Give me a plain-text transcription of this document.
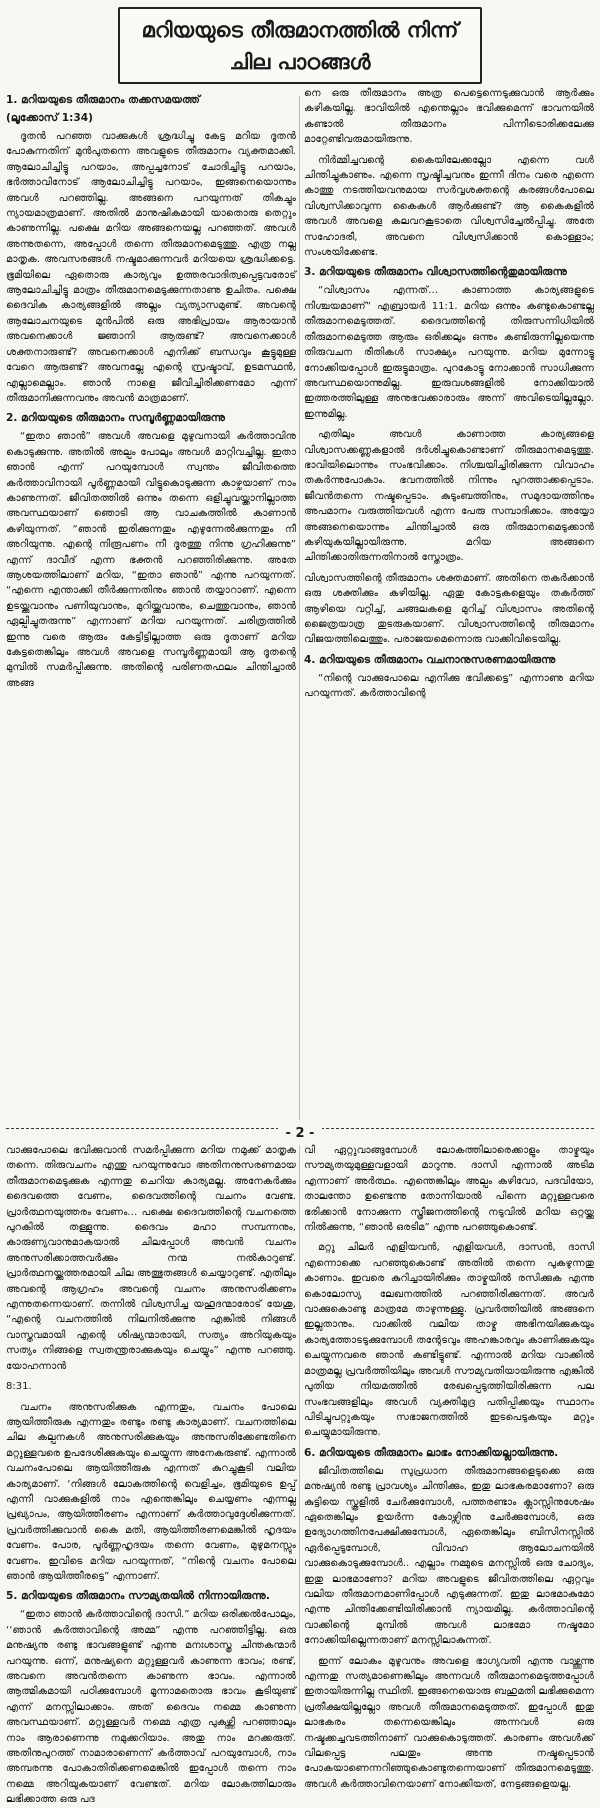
മറിയയുടെ തീരുമാനത്തിൽ നിന്ന്
ചില പാഠങ്ങൾ
1. മറിയയുടെ തീരുമാനം തക്കസമയത്ത്
(ലൂക്കോസ് 1:34)

ദൂതൻ പറഞ്ഞ വാക്കുകൾ ശ്രദ്ധിച്ചു കേട്ട മറിയ ദൂതൻ പോകുന്നതിന് മുൻപുതന്നെ അവളുടെ തീരുമാനം വ്യക്തമാക്കി. ആലോചിച്ചിട്ടു പറയാം, അപ്പച്ചനോട് ചോദിച്ചിട്ടു പറയാം, ഭർത്താവിനോട് ആലോചിച്ചിട്ടു പറയാം, ഇങ്ങനെയൊന്നും അവൾ പറഞ്ഞില്ല. അങ്ങനെ പറയുന്നത് തികച്ചും ന്യായമാത്രമാണ്. അതിൽ മാനുഷികമായി യാതൊരു തെറ്റും കാണുന്നില്ല. പക്ഷെ മറിയ അങ്ങനെയല്ല പറഞ്ഞത്. അവൾ അന്നുതന്നെ, അപ്പോൾ തന്നെ തീരുമാനമെടുത്തു. എത്ര നല്ല മാതൃക. അവസരങ്ങൾ നഷ്ടമാക്കുന്നവർ മറിയയെ ശ്രദ്ധിക്കട്ടെ. ഭൂമിയിലെ ഏതൊരു കാര്യവും ഉത്തരവാദിത്വപ്പെട്ടവരോട് ആലോചിച്ചിട്ടു മാത്രം തീരുമാനമെടുക്കുന്നതാണു ഉചിതം. പക്ഷെ ദൈവിക കാര്യങ്ങളിൽ അല്ലം വ്യത്യാസമുണ്ട്. അവന്റെ ആലോചനയുടെ മുൻപിൽ ഒരു അഭിപ്രായം ആരായാൻ അവനെക്കാൾ ജ്ഞാനി ആരുണ്ട്? അവനെക്കാൾ ശക്തനാരുണ്ട്? അവനെക്കാൾ എനിക്ക് ബന്ധവും കൂട്ടുമുള്ള വേറെ ആരുണ്ട്? അവനല്ലേ എന്റെ സ്രഷ്ടാവ്, ഉടമസ്ഥൻ, എല്ലാമെല്ലാം. ഞാൻ നാളെ ജീവിച്ചിരിക്കണമോ എന്ന് തീരുമാനിക്കുന്നവനും അവൻ മാത്രമാണ്.

2. മറിയയുടെ തീരുമാനം സമ്പൂർണ്ണമായിരുന്നു

“ഇതാ ഞാൻ” അവൾ അവളെ മുഴുവനായി കർത്താവിനു കൊടുക്കുന്നു. അതിൽ അല്പം പോലും അവൾ മാറ്റിവച്ചില്ല. ഇതാ ഞാൻ എന്ന് പറയുമ്പോൾ സ്വന്തം ജീവിതത്തെ കർത്താവിനായി പൂർണ്ണമായി വിട്ടുകൊടുക്കുന്ന കാഴ്ചയാണ് നാം കാണുന്നത്. ജീവിതത്തിൽ ഒന്നും തന്നെ ഒളിച്ചുവയ്ക്കാനില്ലാത്ത അവസ്ഥയാണ് ഞൊടി ആ വാചകത്തിൽ കാണാൻ കഴിയുന്നത്. “ഞാൻ ഇരിക്കുന്നതും എഴുന്നേൽക്കുന്നതും നീ അറിയുന്നു. എന്റെ നിരൂപണം നീ ദൂരത്തു നിന്നു ഗ്രഹിക്കുന്നു” എന്ന് ദാവീദ് എന്ന ഭക്തൻ പറഞ്ഞിരിക്കുന്നു. അതേ ആശയത്തിലാണ് മറിയ, “ഇതാ ഞാൻ” എന്നു പറയുന്നത്. “എന്നെ എന്താക്കി തീർക്കുന്നതിനും ഞാൻ തയ്യാറാണ്. എന്നെ ഉടയ്ക്കുവാനും പണിയുവാനും, മുറിയ്ക്കുവാനും, ചെത്തുവാനും, ഞാൻ ഏല്പിച്ചുതരുന്നു” എന്നാണ് മറിയ പറയുന്നത്. ചരിത്രത്തിൽ ഇന്നു വരെ ആരും കേട്ടിട്ടില്ലാത്ത ഒരു ദൂതാണ് മറിയ കേട്ടതെങ്കിലും അവൾ അവളെ സമ്പൂർണ്ണമായി ആ ദൂതന്റെ മുമ്പിൽ സമർപ്പിക്കുന്നു. അതിന്റെ പരിണതഫലം ചിന്തിച്ചാൽ അങ്ങ

നെ ഒരു തീരുമാനം അത്ര പെട്ടെന്നെടുക്കുവാൻ ആർക്കും കഴികയില്ല. ഭാവിയിൽ എന്തെല്ലാം ഭവിക്കുമെന്ന് ഭാവനയിൽ കണ്ടാൽ തീരുമാനം പിന്നീടൊരിക്കലേക്കു മാറ്റേണ്ടിവരുമായിരുന്നു.

നിർമ്മിച്ചവന്റെ കൈയിലേക്കല്ലോ എന്നെ വൾ ചിന്തിച്ചുകാണും. എന്നെ സൃഷ്ടിച്ചവനും ഇന്നീ ദിനം വരെ എന്നെ കാത്തു നടത്തിയവനുമായ സർവ്വശക്തന്റെ കരങ്ങൾപോലെ വിശ്വസിക്കാവുന്ന കൈകൾ ആർക്കുണ്ട്? ആ കൈകളിൽ അവൾ അവളെ കലവറകൂടാതെ വിശ്വസിച്ചേൽപ്പിച്ചു. അതേ സഹോദരീ, അവനെ വിശ്വസിക്കാൻ കൊള്ളാം; സംശയിക്കേണ്ട.

3. മറിയയുടെ തീരുമാനം വിശ്വാസത്തിന്റെതുമായിരുന്നു

“വിശ്വാസം എന്നത്… കാണാത്ത കാര്യങ്ങളുടെ നിശ്ചയമാണ്” എബ്രായർ 11:1. മറിയ ഒന്നും കണ്ടുകൊണ്ടല്ല തീരുമാനമെടുത്തത്. ദൈവത്തിന്റെ തിരുസന്നിധിയിൽ തീരുമാനമെടുത്ത ആരും ഒരിക്കലും ഒന്നും കണ്ടിരുന്നില്ലയെന്നു തിരുവചന രീതികൾ സാക്ഷ്യം പറയുന്നു. മറിയ മുന്നോട്ടു നോക്കിയപ്പോൾ ഇരുട്ടുമാത്രം. പുറകോട്ടു നോക്കാൻ സാധിക്കുന്ന അവസ്ഥയൊന്നുമില്ല. ഇരുവശങ്ങളിൽ നോക്കിയാൽ ഇത്തരത്തിലുള്ള അനുഭവക്കാരാരും അന്ന് അവിടെയില്ലല്ലോ. ഇന്നുമില്ല.

എതിലും അവൾ കാണാത്ത കാര്യങ്ങളെ വിശ്വാസക്കണ്ണുകളാൽ ദർശിച്ചുകൊണ്ടാണ് തീരുമാനമെടുത്തു. ഭാവിയിലൊന്നും സംഭവിക്കാം. നിശ്ചയിച്ചിരിക്കുന്ന വിവാഹം തകർന്നുപോകാം. ഭവനത്തിൽ നിന്നും പുറത്താക്കപ്പെടാം. ജീവൻതന്നെ നഷ്ടപ്പെടാം. കുടുംബത്തിനും, സമുദായത്തിനും അപമാനം വരുത്തിയവൾ എന്ന പേരു സമ്പാദിക്കാം. അയ്യോ അങ്ങനെയൊന്നും ചിന്തിച്ചാൽ ഒരു തീരുമാനമെടുക്കാൻ കഴിയുകയില്ലായിരുന്നു. മറിയ അങ്ങനെ ചിന്തിക്കാതിരുന്നതിനാൽ സ്തോത്രം.

വിശ്വാസത്തിന്റെ തീരുമാനം ശക്തമാണ്. അതിനെ തകർക്കാൻ ഒരു ശക്തിക്കും കഴിയില്ല. ഏതു കോട്ടകളെയും തകർത്ത് ആഴിയെ വറ്റിച്ച്, ചങ്ങലകളെ മുറിച്ച് വിശ്വാസം അതിന്റെ ജൈത്രയാത്ര തുടരുകയാണ്. വിശ്വാസത്തിന്റെ തീരുമാനം വിജയത്തിലെത്തും. പരാജയമെന്നൊരു വാക്കിവിടെയില്ല.

4. മറിയയുടെ തീരുമാനം വചനാനുസരണമായിരുന്നു

“നിന്റെ വാക്കുപോലെ എനിക്കു ഭവിക്കട്ടെ” എന്നാണു മറിയ പറയുന്നത്. കർത്താവിന്റെ

- 2 -

വാക്കുപോലെ ഭവിക്കുവാൻ സമർപ്പിക്കുന്ന മറിയ നമുക്ക് മാതൃക തന്നെ. തിരുവചനം എന്തു പറയുന്നുവോ അതിനനുസരണമായ തീരുമാനമെടുക്കുക എന്നതു ചെറിയ കാര്യമല്ല. അനേകർക്കും ദൈവത്തെ വേണം, ദൈവത്തിന്റെ വചനം വേണ്ട. പ്രാർത്ഥനയുത്തരം വേണം… പക്ഷെ ദൈവത്തിന്റെ വചനത്തെ പുറകിൽ തള്ളുന്നു. ദൈവം മഹാ സമ്പന്നനും, കാരുണ്യവാനുമാകയാൽ ചിലപ്പോൾ അവൻ വചനം അനുസരിക്കാത്തവർക്കും നന്മ നൽകാറുണ്ട്. പ്രാർത്ഥനയ്ക്കുത്തരമായി ചില അത്ഭുതങ്ങൾ ചെയ്യാറുണ്ട്. എതിലും അവന്റെ ആഗ്രഹം അവന്റെ വചനം അനുസരിക്കണം എന്നുതന്നെയാണ്. തന്നിൽ വിശ്വസിച്ച യഹൂദന്മാരോട് യേശു, “എന്റെ വചനത്തിൽ നിലനിൽക്കുന്നു എങ്കിൽ നിങ്ങൾ വാസ്തവമായി എന്റെ ശിഷ്യന്മാരായി, സത്യം അറിയുകയും സത്യം നിങ്ങളെ സ്വതന്ത്രരാക്കുകയും ചെയ്യും” എന്നു പറഞ്ഞു. യോഹന്നാൻ

8:31.

വചനം അനുസരിക്കുക എന്നതും, വചനം പോലെ ആയിത്തീരുക എന്നതും രണ്ടും രണ്ടു കാര്യമാണ്. വചനത്തിലെ ചില കല്പനകൾ അനുസരിക്കുകയും അനുസരിക്കേണ്ടതിനെ മറ്റുള്ളവരെ ഉപദേശിക്കുകയും ചെയ്യുന്ന അനേകരുണ്ട്. എന്നാൽ വചനംപോലെ ആയിത്തീരുക എന്നത് കുറച്ചുകൂടി വലിയ കാര്യമാണ്. ‘നിങ്ങൾ ലോകത്തിന്റെ വെളിച്ചം, ഭൂമിയുടെ ഉപ്പ് എന്നീ വാക്കുകളിൽ നാം എന്തെങ്കിലും ചെയ്യണം എന്നല്ല പ്രഖ്യാപം, ആയിത്തീരണം എന്നാണ് കർത്താവുദ്ദേശിക്കുന്നത്. പ്രവർത്തിക്കുവാൻ കൈ മതി, ആയിത്തീരണമെങ്കിൽ ഹൃദയം വേണം. പോര, പൂർണ്ണഹൃദയം തന്നെ വേണം, മുഴുമനസ്സും വേണം. ഇവിടെ മറിയ പറയുന്നത്, “നിന്റെ വചനം പോലെ ഞാൻ ആയിത്തീരട്ടെ” എന്നാണ്.

5. മറിയയുടെ തീരുമാനം സൗമ്യതയിൽ നിന്നായിരുന്നു.

“ഇതാ ഞാൻ കർത്താവിന്റെ ദാസി.” മറിയ ഒരിക്കൽപോലും, ‘‘ഞാൻ കർത്താവിന്റെ അമ്മ” എന്നു പറഞ്ഞിട്ടില്ല. ഒരു മനുഷ്യനു രണ്ടു ഭാവങ്ങളുണ്ട് എന്നു മനഃശാസ്ത്ര ചിന്തകന്മാർ പറയുന്നു. ഒന്ന്, മനുഷ്യനെ മറ്റുള്ളവർ കാണുന്ന ഭാവം; രണ്ട്, അവനെ അവൻതന്നെ കാണുന്ന ഭാവം. എന്നാൽ ആത്മികമായി പഠിക്കുമ്പോൾ മൂന്നാമതൊരു ഭാവം കൂടിയുണ്ട് എന്ന് മനസ്സിലാക്കാം. അത് ദൈവം നമ്മെ കാണുന്ന അവസ്ഥയാണ്. മറ്റുള്ളവർ നമ്മെ എത്ര പുകഴ്ത്തി പറഞ്ഞാലും നാം ആരാണെന്നു നമുക്കറിയാം. അതു നാം മറക്കരുത്. അതിനുപുറത്ത് നാമാരാണെന്ന് കർത്താവ് പറയുമ്പോൾ, നാം അമ്പരന്നു പോകാതിരിക്കണമെങ്കിൽ ഇപ്പോൾ തന്നെ നാം നമ്മെ അറിയുകയാണ് വേണ്ടത്. മറിയ ലോകത്തിലാരും ലഭിക്കാത്ത ഒരു പദ

വി ഏറ്റുവാങ്ങുമ്പോൾ ലോകത്തിലാരെക്കാളും താഴ്മയും സൗമ്യതയുമുള്ളവളായി മാറുന്നു. ദാസി എന്നാൽ അടിമ എന്നാണ് അർത്ഥം. എന്തെങ്കിലും അല്പം കഴിവോ, പദവിയോ, താലന്തോ ഉണ്ടെന്നു തോന്നിയാൽ പിന്നെ മറ്റുള്ളവരെ ഭരിക്കാൻ നോക്കുന്ന സ്ത്രീജനത്തിന്റെ നടുവിൽ മറിയ ഒറ്റയ്ക്കു നിൽക്കുന്നു, “ഞാൻ ഒരടിമ” എന്നു പറഞ്ഞുകൊണ്ട്.

മറ്റു ചിലർ എളിയവൻ, എളിയവൾ, ദാസൻ, ദാസി എന്നൊക്കെ പറഞ്ഞുകൊണ്ട് അതിൽ തന്നെ പുകഴുന്നതു കാണാം. ഇവരെ കുറിച്ചായിരിക്കും താഴ്മയിൽ രസിക്കുക എന്നു കൊലോസ്യ ലേഖനത്തിൽ പറഞ്ഞിരിക്കുന്നത്. അവർ വാക്കുകൊണ്ടു മാത്രമേ താഴുന്നുള്ളു. പ്രവർത്തിയിൽ അങ്ങനെ ഇല്ലതാനും. വാക്കിൽ വലിയ താഴ്മ അഭിനയിക്കുകയും കാര്യത്തോടടുക്കുമ്പോൾ തന്റേടവും അഹങ്കാരവും കാണിക്കുകയും ചെയ്യുന്നവരെ ഞാൻ കണ്ടിട്ടുണ്ട്. എന്നാൽ മറിയ വാക്കിൽ മാത്രമല്ല പ്രവർത്തിയിലും അവൾ സൗമ്യവതിയായിരുന്നു എങ്കിൽ പുതിയ നിയമത്തിൽ രേഖപ്പെടുത്തിയിരിക്കുന്ന പല സംഭവങ്ങളിലും അവൾ വ്യക്തിമുദ്ര പതിപ്പിക്കയും സ്ഥാനം പിടിച്ചുപറ്റുകയും സഭാജനത്തിൽ ഇടപെടുകയും മറ്റും ചെയ്യുമായിരുന്നു.

6. മറിയയുടെ തീരുമാനം ലാഭം നോക്കിയല്ലായിരുന്നു.

ജീവിതത്തിലെ സുപ്രധാന തീരുമാനങ്ങളെടുക്കെ ഒരു മനുഷ്യൻ രണ്ടു പ്രാവശ്യം ചിന്തിക്കും, ഇതു ലാഭകരമാണോ? ഒരു കുട്ടിയെ സ്കൂളിൽ ചേർക്കുമ്പോൾ, പത്തരണ്ടാം ക്ലാസ്സിനുശേഷം ഏതെങ്കിലും ഉയർന്ന കോഴ്സിനു ചേർക്കുമ്പോൾ, ഒരു ഉദ്യോഗത്തിനപേക്ഷിക്കുമ്പോൾ, ഏതെങ്കിലും ബിസിനസ്സിൽ ഏർപ്പെടുമ്പോൾ, വിവാഹ ആലോചനയിൽ വാക്കുകൊടുക്കുമ്പോൾ.. എല്ലാം നമ്മുടെ മനസ്സിൽ ഒരു ചോദ്യം, ഇതു ലാഭമാണോ? മറിയ അവളുടെ ജീവിതത്തിലെ ഏറ്റവും വലിയ തീരുമാനമാണിപ്പോൾ എടുക്കുന്നത്. ഇതു ലാഭമാകുമോ എന്നു ചിന്തിക്കേണ്ടിയിരിക്കാൻ ന്യായമില്ല. കർത്താവിന്റെ വാക്കിന്റെ മുമ്പിൽ അവൾ ലാഭമോ നഷ്ടമോ നോക്കിയില്ലെന്നതാണ് മനസ്സിലാകുന്നത്.

ഇന്ന് ലോകം മുഴുവനും അവളെ ഭാഗ്യവതി എന്നു വാഴ്ത്തുന്നു എന്നതു സത്യമാണെങ്കിലും അന്നവൾ തീരുമാനമെടുത്തപ്പോൾ ഇതായിരുന്നില്ല സ്ഥിതി. ഇങ്ങനെയൊരു ബഹുമതി ലഭിക്കുമെന്ന പ്രതീക്ഷയില്ലല്ലോ അവൾ തീരുമാനമെടുത്തത്. ഇപ്പോൾ ഇതു ലാഭകരം തന്നെയെങ്കിലും അന്നവൾ ഒരു നഷ്ടക്കച്ചവടത്തിനാണ് വാക്കുകൊടുത്തത്. കാരണം അവൾക്ക് വിലപ്പെട്ട പലതും അന്നു നഷ്ടപ്പെടാൻ പോകയാണെന്നറിഞ്ഞുകൊണ്ടുതന്നെയാണ് തീരുമാനമെടുത്തു. അവൾ കർത്താവിനെയാണ് നോക്കിയത്, നേട്ടങ്ങളെയല്ല.
